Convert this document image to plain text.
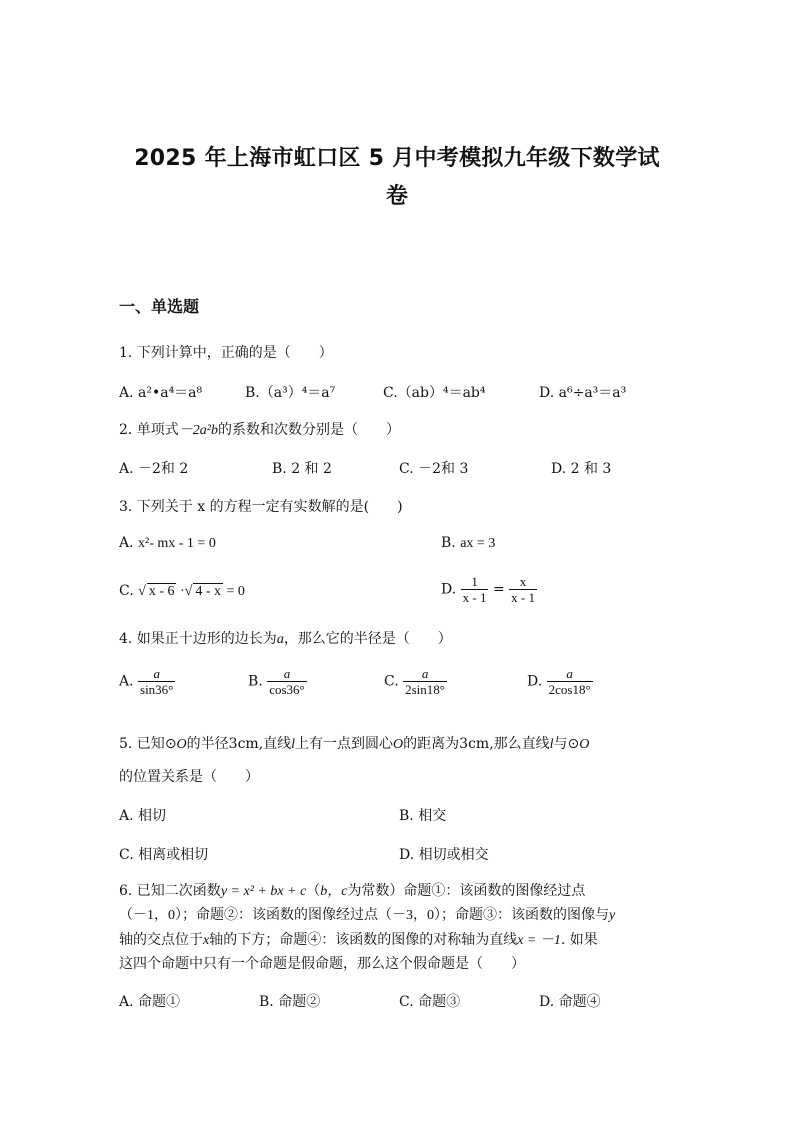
2025 年上海市虹口区 5 月中考模拟九年级下数学试
卷
一、单选题
1. 下列计算中，正确的是（　　）
A. a²•a⁴＝a⁸	B.（a³）⁴＝a⁷	C.（ab）⁴＝ab⁴	D. a⁶÷a³＝a³
2. 单项式－2a²b的系数和次数分别是（　　）
A. －2和 2	B. 2 和 2	C. －2和 3	D. 2 和 3
3. 下列关于 x 的方程一定有实数解的是(　　)
A. x²- mx - 1 = 0	B. ax = 3
C. √ x - 6 ·√ 4 - x = 0	D. $\frac{1}{x - 1} = \frac{x}{x - 1}$
4. 如果正十边形的边长为a，那么它的半径是（　　）
A. $\frac{a}{\sin 36^\circ}$	B. $\frac{a}{\cos 36^\circ}$	C. $\frac{a}{2\sin 18^\circ}$	D. $\frac{a}{2\cos 18^\circ}$
5. 已知⊙O的半径3cm,直线l上有一点到圆心O的距离为3cm,那么直线l与⊙O
的位置关系是（　　）
A. 相切	B. 相交
C. 相离或相切	D. 相切或相交
6. 已知二次函数y = x² + bx + c（b，c为常数）命题①：该函数的图像经过点
（－1，0）；命题②：该函数的图像经过点（－3，0）；命题③：该函数的图像与y
轴的交点位于x轴的下方；命题④：该函数的图像的对称轴为直线x = －1. 如果
这四个命题中只有一个命题是假命题，那么这个假命题是（　　）
A. 命题①	B. 命题②	C. 命题③	D. 命题④
